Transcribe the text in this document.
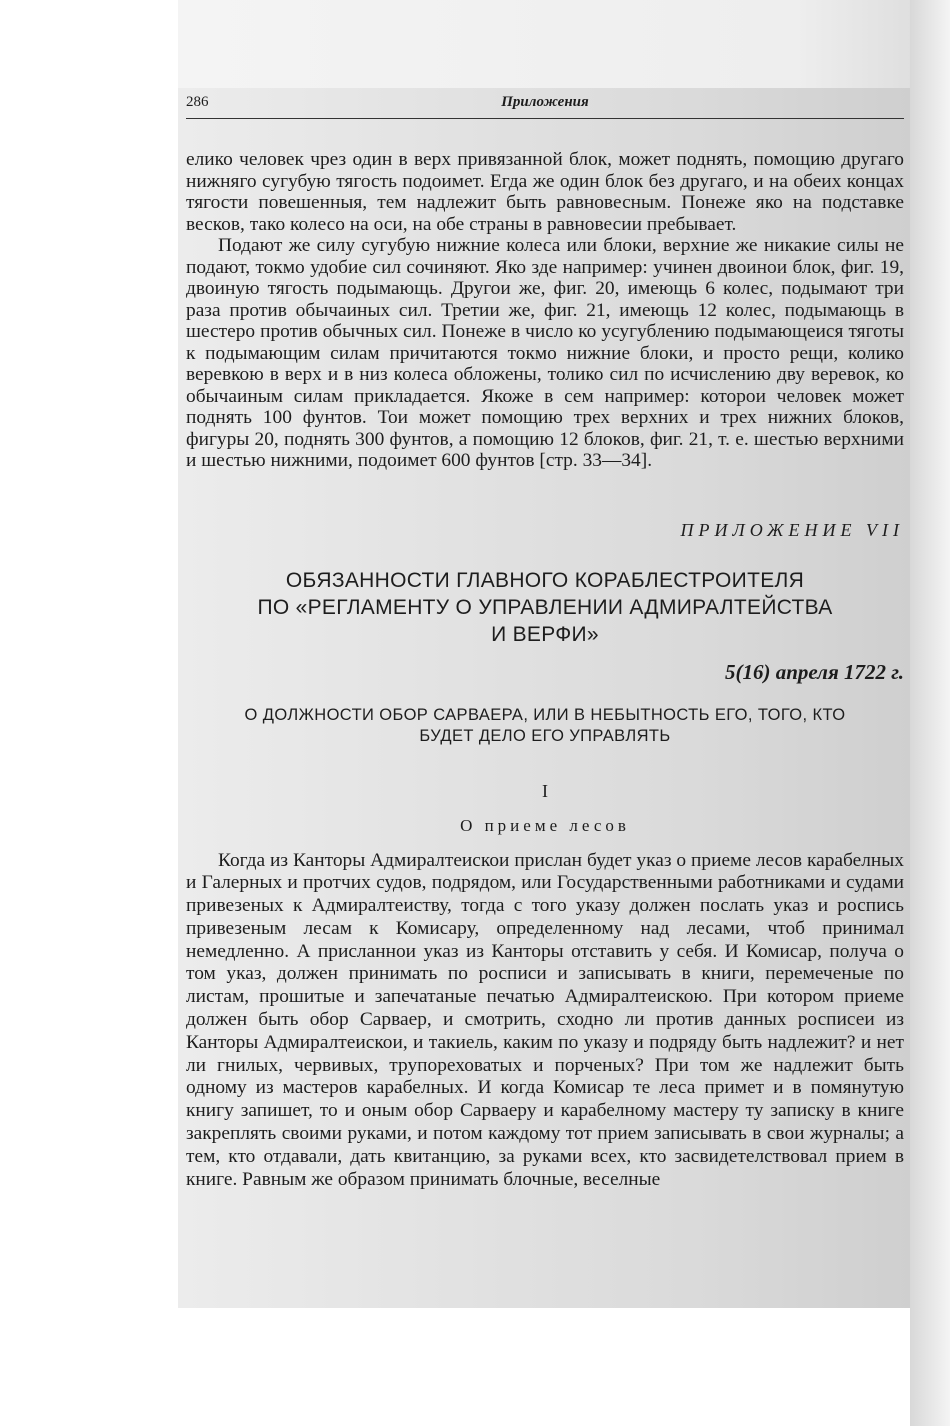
286	Приложения

елико человек чрез один в верх привязанной блок, может поднять, помощию другаго нижняго сугубую тягость подоимет. Егда же один блок без другаго, и на обеих концах тягости повешенныя, тем надлежит быть равновесным. Понеже яко на подставке весков, тако колесо на оси, на обе страны в равновесии пребывает.

Подают же силу сугубую нижние колеса или блоки, верхние же никакие силы не подают, токмо удобие сил сочиняют. Яко зде например: учинен двоинои блок, фиг. 19, двоиную тягость подымающь. Другои же, фиг. 20, имеющь 6 колес, подымают три раза против обычаиных сил. Третии же, фиг. 21, имеющь 12 колес, подымающь в шестеро против обычных сил. Понеже в число ко усугублению подымающеися тяготы к подымающим силам причитаются токмо нижние блоки, и просто рещи, колико веревкою в верх и в низ колеса обложены, толико сил по исчислению дву веревок, ко обычаиным силам прикладается. Якоже в сем например: которои человек может поднять 100 фунтов. Тои может помощию трех верхних и трех нижних блоков, фигуры 20, поднять 300 фунтов, а помощию 12 блоков, фиг. 21, т. е. шестью верхними и шестью нижними, подоимет 600 фунтов [стр. 33—34].

ПРИЛОЖЕНИЕ VII
ОБЯЗАННОСТИ ГЛАВНОГО КОРАБЛЕСТРОИТЕЛЯ
ПО «РЕГЛАМЕНТУ О УПРАВЛЕНИИ АДМИРАЛТЕЙСТВА
И ВЕРФИ»
5(16) апреля 1722 г.
О ДОЛЖНОСТИ ОБОР САРВАЕРА, ИЛИ В НЕБЫТНОСТЬ ЕГО, ТОГО, КТО
БУДЕТ ДЕЛО ЕГО УПРАВЛЯТЬ
I
О приеме лесов

Когда из Канторы Адмиралтеискои прислан будет указ о приеме лесов карабелных и Галерных и протчих судов, подрядом, или Государственными работниками и судами привезеных к Адмиралтеиству, тогда с того указу должен послать указ и роспись привезеным лесам к Комисару, определенному над лесами, чтоб принимал немедленно. А присланнои указ из Канторы отставить у себя. И Комисар, получа о том указ, должен принимать по росписи и записывать в книги, перемеченые по листам, прошитые и запечатаные печатью Адмиралтеискою. При котором приеме должен быть обор Сарваер, и смотрить, сходно ли против данных росписеи из Канторы Адмиралтеискои, и такиель, каким по указу и подряду быть надлежит? и нет ли гнилых, червивых, трупореховатых и порченых? При том же надлежит быть одному из мастеров карабелных. И когда Комисар те леса примет и в помянутую книгу запишет, то и оным обор Сарваеру и карабелному мастеру ту записку в книге закреплять своими руками, и потом каждому тот прием записывать в свои журналы; а тем, кто отдавали, дать квитанцию, за руками всех, кто засвидетелствовал прием в книге. Равным же образом принимать блочные, веселные
